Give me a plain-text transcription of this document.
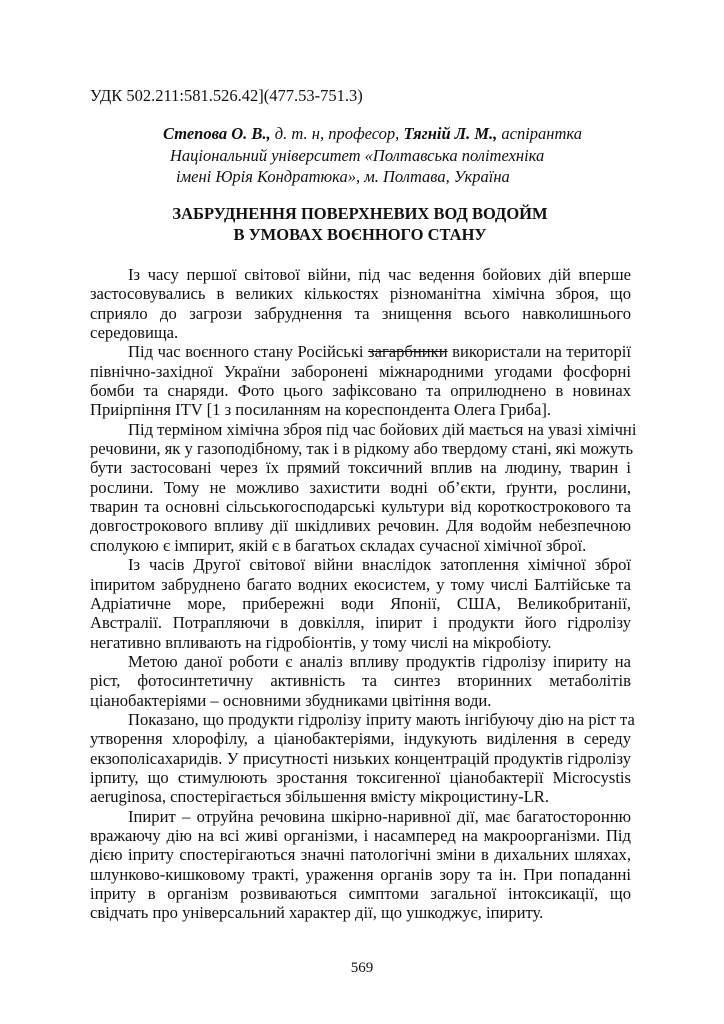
УДК 502.211:581.526.42](477.53-751.3)
Степова О. В., д. т. н, професор, Тягній Л. М., аспірантка
Національний університет «Полтавська політехніка
імені Юрія Кондратюка», м. Полтава, Україна
ЗАБРУДНЕННЯ ПОВЕРХНЕВИХ ВОД ВОДОЙМ
В УМОВАХ ВОЄННОГО СТАНУ
Із часу першої світової війни, під час ведення бойових дій вперше
застосовувались в великих кількостях різноманітна хімічна зброя, що
сприяло до загрози забруднення та знищення всього навколишнього
середовища.
Під час воєнного стану Російські загарбники використали на території
північно-західної України заборонені міжнародними угодами фосфорні
бомби та снаряди. Фото цього зафіксовано та оприлюднено в новинах
Приірпіння ITV [1 з посиланням на кореспондента Олега Гриба].
Під терміном хімічна зброя під час бойових дій мається на увазі хімічні
речовини, як у газоподібному, так і в рідкому або твердому стані, які можуть
бути застосовані через їх прямий токсичний вплив на людину, тварин і
рослини. Тому не можливо захистити водні об’єкти, ґрунти, рослини,
тварин та основні сільськогосподарські культури від короткострокового та
довгострокового впливу дії шкідливих речовин. Для водойм небезпечною
сполукою є імпирит, якій є в багатьох складах сучасної хімічної зброї.
Із часів Другої світової війни внаслідок затоплення хімічної зброї
іпиритом забруднено багато водних екосистем, у тому числі Балтійське та
Адріатичне море, прибережні води Японії, США, Великобританії,
Австралії. Потрапляючи в довкілля, іпирит і продукти його гідролізу
негативно впливають на гідробіонтів, у тому числі на мікробіоту.
Метою даної роботи є аналіз впливу продуктів гідролізу іпириту на
ріст, фотосинтетичну активність та синтез вторинних метаболітів
ціанобактеріями – основними збудниками цвітіння води.
Показано, що продукти гідролізу іприту мають інгібуючу дію на ріст та
утворення хлорофілу, а ціанобактеріями, індукують виділення в середу
екзополісахаридів. У присутності низьких концентрацій продуктів гідролізу
ірпиту, що стимулюють зростання токсигенної ціанобактерії Microcystis
aeruginosa, спостерігається збільшення вмісту мікроцистину-LR.
Іпирит – отруйна речовина шкірно-наривної дії, має багатосторонню
вражаючу дію на всі живі організми, і насамперед на макроорганізми. Під
дією іприту спостерігаються значні патологічні зміни в дихальних шляхах,
шлунково-кишковому тракті, ураження органів зору та ін. При попаданні
іприту в організм розвиваються симптоми загальної інтоксикації, що
свідчать про універсальний характер дії, що ушкоджує, іпириту.
569
